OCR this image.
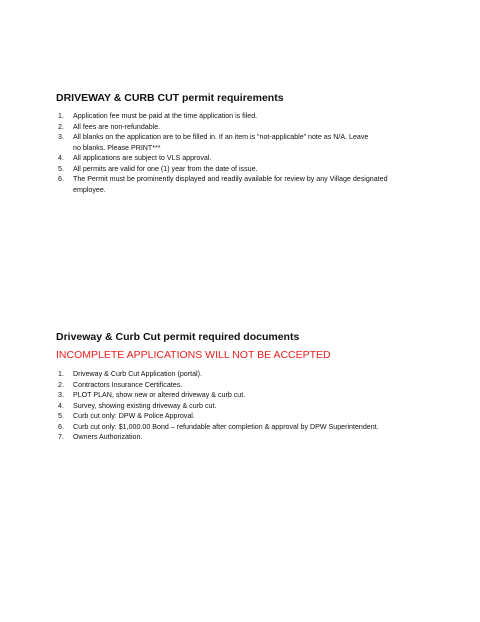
DRIVEWAY & CURB CUT permit requirements
1. Application fee must be paid at the time application is filed.
2. All fees are non-refundable.
3. All blanks on the application are to be filled in. If an item is “not-applicable” note as N/A. Leave no blanks. Please PRINT***
4. All applications are subject to VLS approval.
5. All permits are valid for one (1) year from the date of issue.
6. The Permit must be prominently displayed and readily available for review by any Village designated employee.
Driveway & Curb Cut permit required documents

INCOMPLETE APPLICATIONS WILL NOT BE ACCEPTED

1. Driveway & Curb Cut Application (portal).
2. Contractors Insurance Certificates.
3. PLOT PLAN, show new or altered driveway & curb cut.
4. Survey, showing existing driveway & curb cut.
5. Curb cut only: DPW & Police Approval.
6. Curb cut only: $1,000.00 Bond – refundable after completion & approval by DPW Superintendent.
7. Owners Authorization.
